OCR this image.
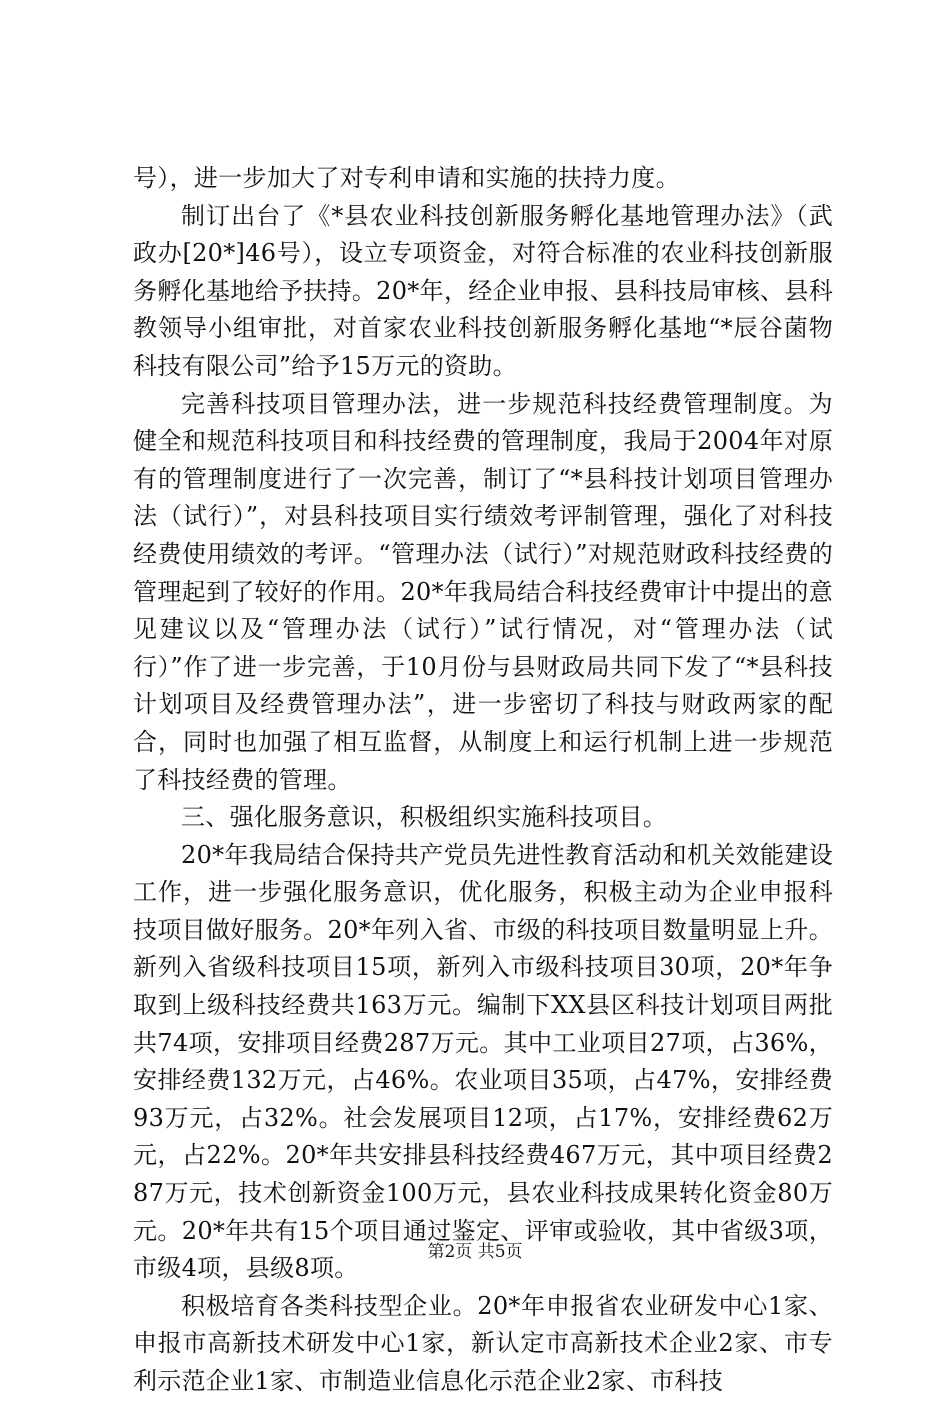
号），进一步加大了对专利申请和实施的扶持力度。

制订出台了《*县农业科技创新服务孵化基地管理办法》（武政办[20*]46号），设立专项资金，对符合标准的农业科技创新服务孵化基地给予扶持。20*年，经企业申报、县科技局审核、县科教领导小组审批，对首家农业科技创新服务孵化基地“*辰谷菌物科技有限公司”给予15万元的资助。

完善科技项目管理办法，进一步规范科技经费管理制度。为健全和规范科技项目和科技经费的管理制度，我局于2004年对原有的管理制度进行了一次完善，制订了“*县科技计划项目管理办法（试行）”，对县科技项目实行绩效考评制管理，强化了对科技经费使用绩效的考评。“管理办法（试行）”对规范财政科技经费的管理起到了较好的作用。20*年我局结合科技经费审计中提出的意见建议以及“管理办法（试行）”试行情况，对“管理办法（试行）”作了进一步完善，于10月份与县财政局共同下发了“*县科技计划项目及经费管理办法”，进一步密切了科技与财政两家的配合，同时也加强了相互监督，从制度上和运行机制上进一步规范了科技经费的管理。

三、强化服务意识，积极组织实施科技项目。

20*年我局结合保持共产党员先进性教育活动和机关效能建设工作，进一步强化服务意识，优化服务，积极主动为企业申报科技项目做好服务。20*年列入省、市级的科技项目数量明显上升。新列入省级科技项目15项，新列入市级科技项目30项，20*年争取到上级科技经费共163万元。编制下XX县区科技计划项目两批共74项，安排项目经费287万元。其中工业项目27项，占36%，安排经费132万元，占46%。农业项目35项，占47%，安排经费93万元，占32%。社会发展项目12项，占17%，安排经费62万元，占22%。20*年共安排县科技经费467万元，其中项目经费287万元，技术创新资金100万元，县农业科技成果转化资金80万元。20*年共有15个项目通过鉴定、评审或验收，其中省级3项，市级4项，县级8项。

积极培育各类科技型企业。20*年申报省农业研发中心1家、申报市高新技术研发中心1家，新认定市高新技术企业2家、市专利示范企业1家、市制造业信息化示范企业2家、市科技

第2页 共5页
